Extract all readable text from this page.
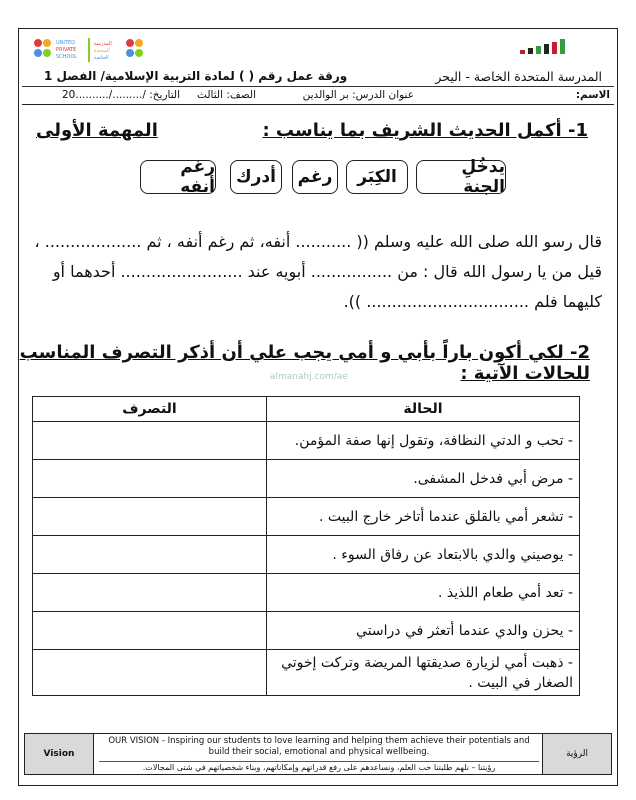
UNITED
PRIVATE
SCHOOL
المدرسة
المتحدة
الخاصة
المدرسة المتحدة الخاصة - اليحر
ورقة عمل رقم ( ) لمادة التربية الإسلامية/ الفصل 1
الاسم:
عنوان الدرس: بر الوالدين
الصف: الثالث
التاريخ: /........./..........20
1- أكمل الحديث الشريف بما يناسب :
المهمة الأولى
يدخُلِ الجنة
الكِبَر
رغم
أدرك
رغم أنفه
قال رسو الله صلى الله عليه وسلم (( ........... أنفه، ثم رغم أنفه ، ثم ................... ،
قيل من يا رسول الله قال : من ................ أبويه عند ........................ أحدهما أو
كليهما فلم ................................ )).
2- لكي أكون باراً بأبي و أمي يجب علي أن أذكر التصرف المناسب للحالات الآتية :
almanahj.com/ae
التصرف	الحالة
	- تحب و الدتي النظافة، وتقول إنها صفة المؤمن.
	- مرض أبي فدخل المشفى.
	- تشعر أمي بالقلق عندما أتاخر خارج البيت .
	- يوصيني والدي بالابتعاد عن رفاق السوء .
	- تعد أمي طعام اللذيذ .
	- يحزن والدي عندما أتعثر في دراستي
	- ذهبت أمي لزيارة صديقتها المريضة وتركت إخوتي الصغار في البيت .
Vision
OUR VISION - Inspiring our students to love learning and helping them achieve their potentials and build their social, emotional and physical wellbeing.
رؤيتنا – نلهم طلبتنا حب العلم، ونساعدهم على رفع قدراتهم وإمكاناتهم، وبناء شخصياتهم في شتى المجالات.
الرؤية
